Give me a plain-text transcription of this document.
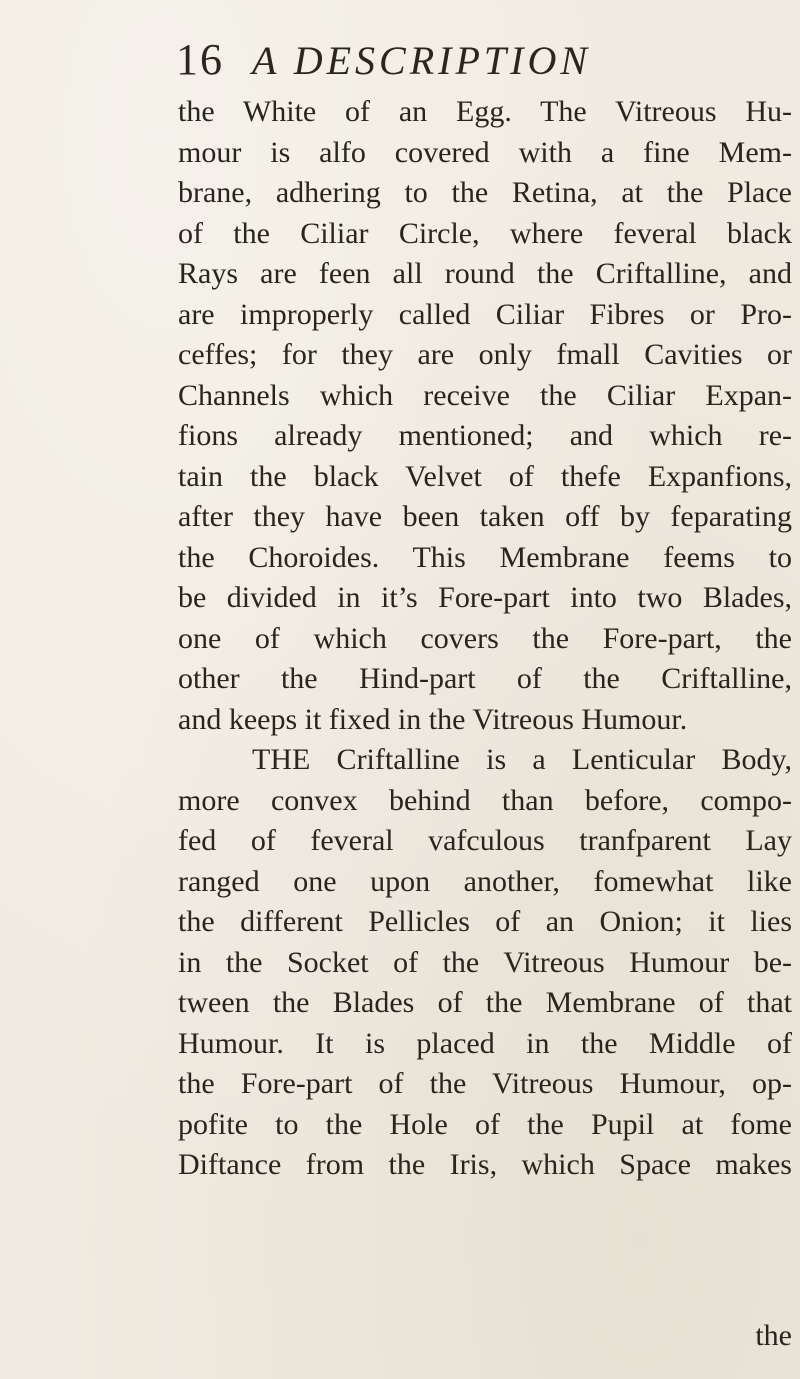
16 A DESCRIPTION
the White of an Egg. The Vitreous Hu-
mour is alfo covered with a fine Mem-
brane, adhering to the Retina, at the Place
of the Ciliar Circle, where feveral black
Rays are feen all round the Criftalline, and
are improperly called Ciliar Fibres or Pro-
ceffes; for they are only fmall Cavities or
Channels which receive the Ciliar Expan-
fions already mentioned; and which re-
tain the black Velvet of thefe Expanfions,
after they have been taken off by feparating
the Choroides. This Membrane feems to
be divided in it’s Fore-part into two Blades,
one of which covers the Fore-part, the
other the Hind-part of the Criftalline,
and keeps it fixed in the Vitreous Humour.
THE Criftalline is a Lenticular Body,
more convex behind than before, compo-
fed of feveral vafculous tranfparent Lay
ranged one upon another, fomewhat like
the different Pellicles of an Onion; it lies
in the Socket of the Vitreous Humour be-
tween the Blades of the Membrane of that
Humour. It is placed in the Middle of
the Fore-part of the Vitreous Humour, op-
pofite to the Hole of the Pupil at fome
Diftance from the Iris, which Space makes
the
